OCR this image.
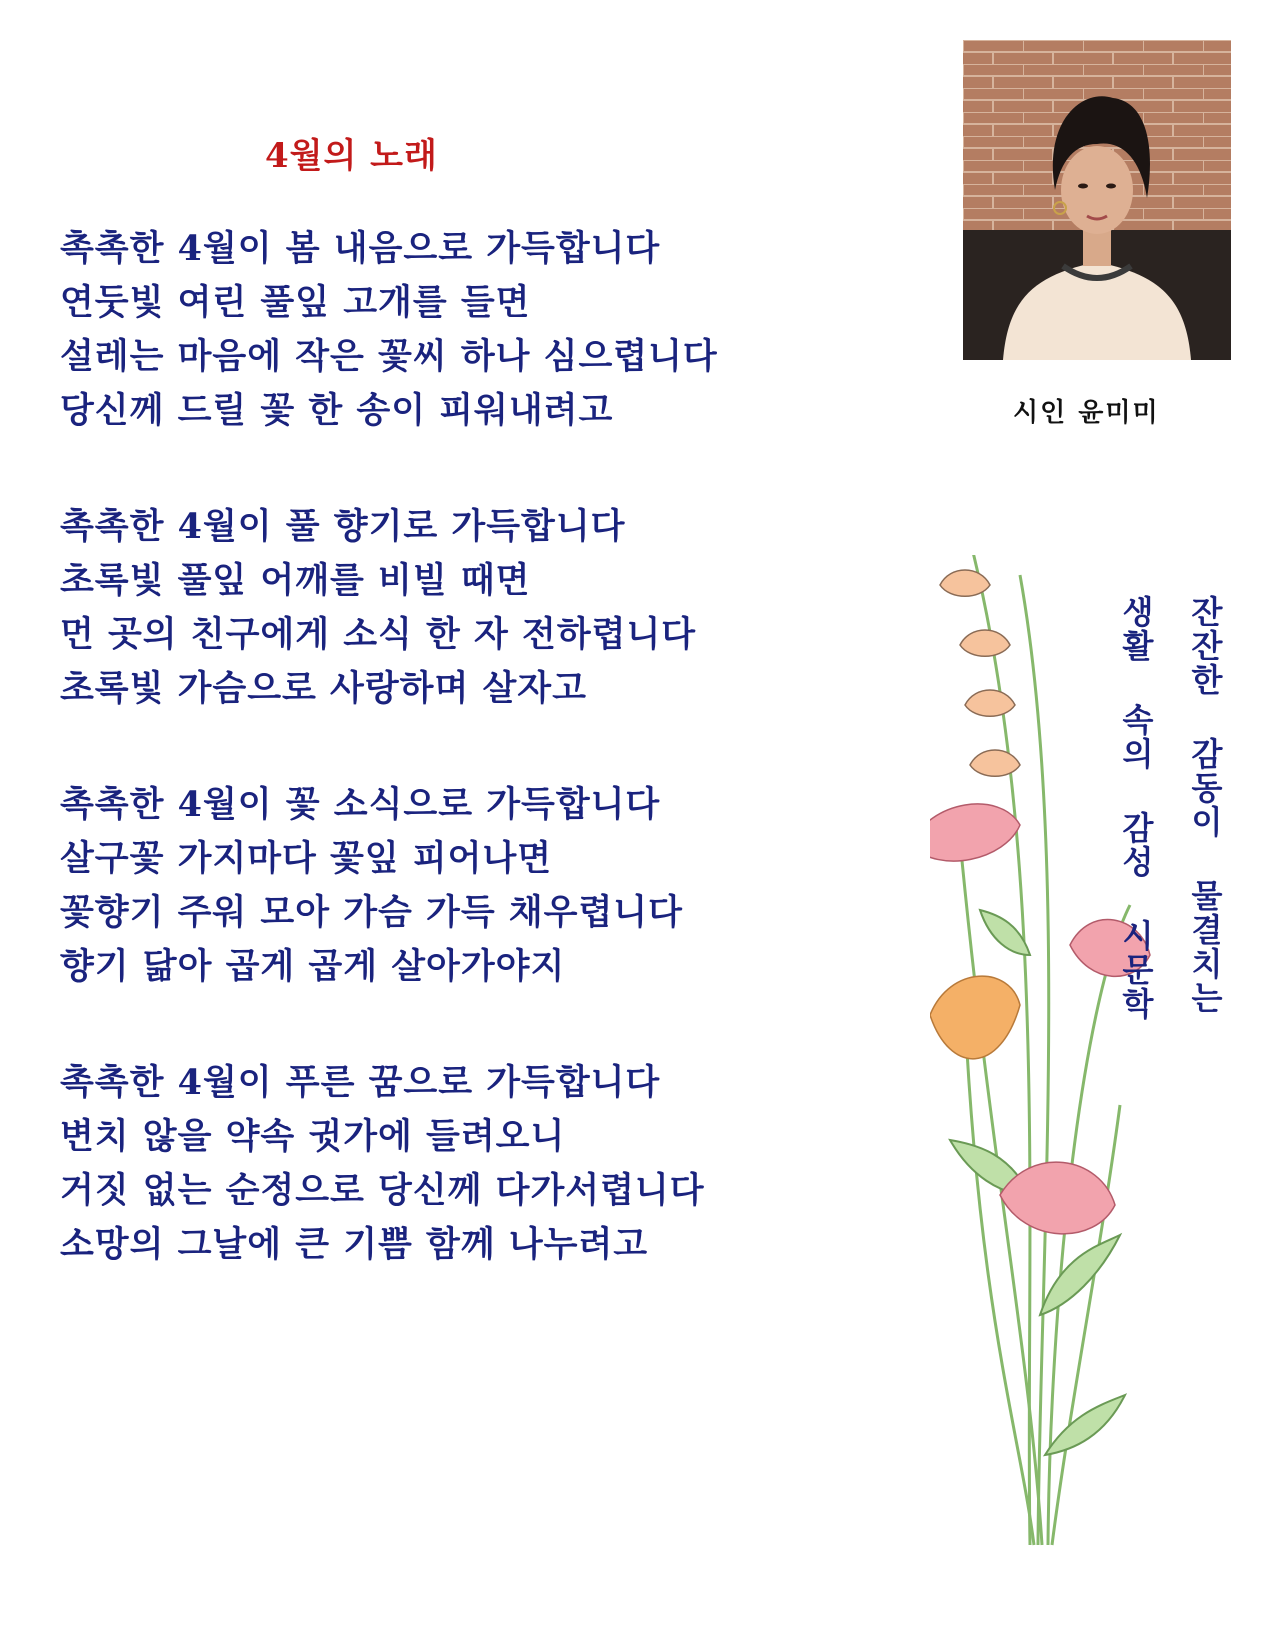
4월의 노래
촉촉한 4월이 봄 내음으로 가득합니다
연둣빛 여린 풀잎 고개를 들면
설레는 마음에 작은 꽃씨 하나 심으렵니다
당신께 드릴 꽃 한 송이 피워내려고
촉촉한 4월이 풀 향기로 가득합니다
초록빛 풀잎 어깨를 비빌 때면
먼 곳의 친구에게 소식 한 자 전하렵니다
초록빛 가슴으로 사랑하며 살자고
촉촉한 4월이 꽃 소식으로 가득합니다
살구꽃 가지마다 꽃잎 피어나면
꽃향기 주워 모아 가슴 가득 채우렵니다
향기 닮아 곱게 곱게 살아가야지
촉촉한 4월이 푸른 꿈으로 가득합니다
변치 않을 약속 귓가에 들려오니
거짓 없는 순정으로 당신께 다가서렵니다
소망의 그날에 큰 기쁨 함께 나누려고
시인 윤미미
잔잔한 감동이 물결치는
생활 속의 감성 시문학
